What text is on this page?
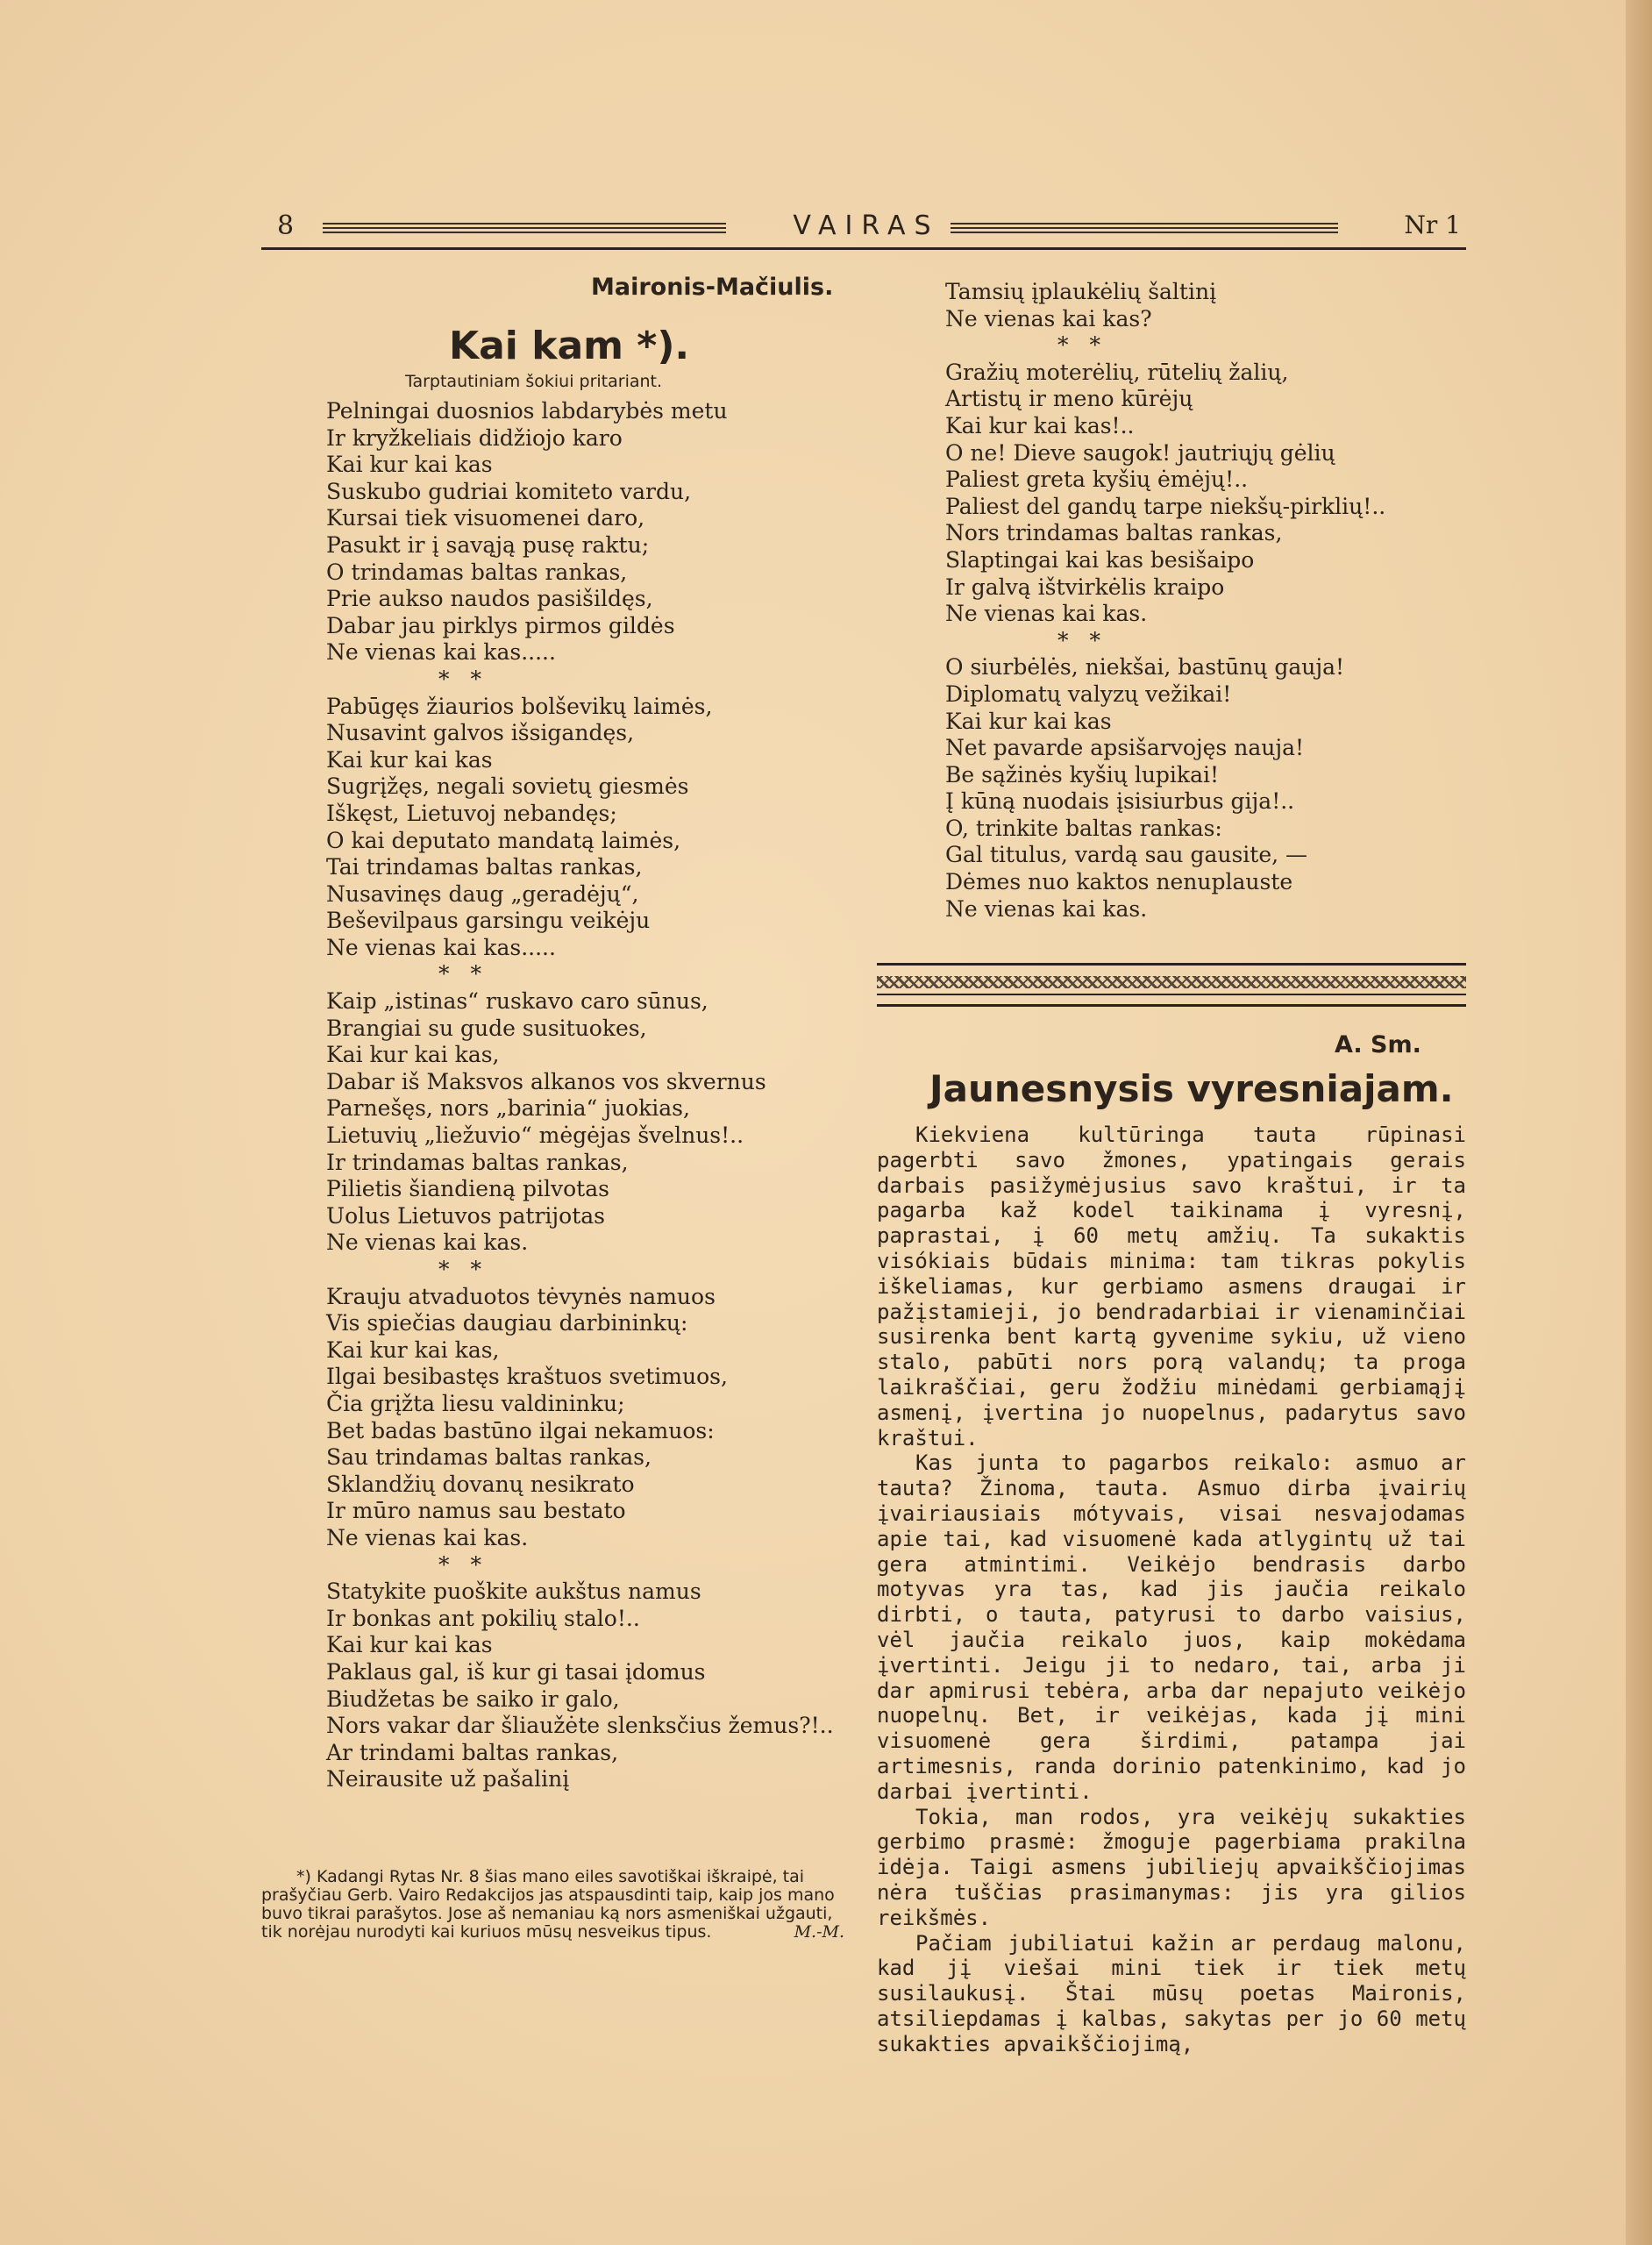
8	VAIRAS	Nr 1
Maironis-Mačiulis.
Kai kam *).
Tarptautiniam šokiui pritariant.
Pelningai duosnios labdarybės metu
Ir kryžkeliais didžiojo karo
Kai kur kai kas
Suskubo gudriai komiteto vardu,
Kursai tiek visuomenei daro,
Pasukt ir į savąją pusę raktu;
O trindamas baltas rankas,
Prie aukso naudos pasišildęs,
Dabar jau pirklys pirmos gildės
Ne vienas kai kas.....
* *
Pabūgęs žiaurios bolševikų laimės,
Nusavint galvos išsigandęs,
Kai kur kai kas
Sugrįžęs, negali sovietų giesmės
Iškęst, Lietuvoj nebandęs;
O kai deputato mandatą laimės,
Tai trindamas baltas rankas,
Nusavinęs daug „geradėjų“,
Beševilpaus garsingu veikėju
Ne vienas kai kas.....
* *
Kaip „istinas“ ruskavo caro sūnus,
Brangiai su gude susituokes,
Kai kur kai kas,
Dabar iš Maksvos alkanos vos skvernus
Parnešęs, nors „barinia“ juokias,
Lietuvių „liežuvio“ mėgėjas švelnus!..
Ir trindamas baltas rankas,
Pilietis šiandieną pilvotas
Uolus Lietuvos patrijotas
Ne vienas kai kas.
* *
Krauju atvaduotos tėvynės namuos
Vis spiečias daugiau darbininkų:
Kai kur kai kas,
Ilgai besibastęs kraštuos svetimuos,
Čia grįžta liesu valdininku;
Bet badas bastūno ilgai nekamuos:
Sau trindamas baltas rankas,
Sklandžių dovanų nesikrato
Ir mūro namus sau bestato
Ne vienas kai kas.
* *
Statykite puoškite aukštus namus
Ir bonkas ant pokilių stalo!..
Kai kur kai kas
Paklaus gal, iš kur gi tasai įdomus
Biudžetas be saiko ir galo,
Nors vakar dar šliaužėte slenksčius žemus?!..
Ar trindami baltas rankas,
Neirausite už pašalinį
*) Kadangi Rytas Nr. 8 šias mano eiles savotiškai iškraipė, tai prašyčiau Gerb. Vairo Redakcijos jas atspausdinti taip, kaip jos mano buvo tikrai parašytos. Jose aš nemaniau ką nors asmeniškai užgauti, tik norėjau nurodyti kai kuriuos mūsų nesveikus tipus.	M.-M.
Tamsių įplaukėlių šaltinį
Ne vienas kai kas?
* *
Gražių moterėlių, rūtelių žalių,
Artistų ir meno kūrėjų
Kai kur kai kas!..
O ne! Dieve saugok! jautriųjų gėlių
Paliest greta kyšių ėmėjų!..
Paliest del gandų tarpe niekšų-pirklių!..
Nors trindamas baltas rankas,
Slaptingai kai kas besišaipo
Ir galvą ištvirkėlis kraipo
Ne vienas kai kas.
* *
O siurbėlės, niekšai, bastūnų gauja!
Diplomatų valyzų vežikai!
Kai kur kai kas
Net pavarde apsišarvojęs nauja!
Be sąžinės kyšių lupikai!
Į kūną nuodais įsisiurbus gija!..
O, trinkite baltas rankas:
Gal titulus, vardą sau gausite, —
Dėmes nuo kaktos nenuplauste
Ne vienas kai kas.
A. Sm.
Jaunesnysis vyresniajam.

Kiekviena kultūringa tauta rūpinasi pagerbti savo žmones, ypatingais gerais darbais pasižymėjusius savo kraštui, ir ta pagarba kaž kodel taikinama į vyresnį, paprastai, į 60 metų amžių. Ta sukaktis visókiais būdais minima: tam tikras pokylis iškeliamas, kur gerbiamo asmens draugai ir pažįstamieji, jo bendradarbiai ir vienaminčiai susirenka bent kartą gyvenime sykiu, už vieno stalo, pabūti nors porą valandų; ta proga laikraščiai, geru žodžiu minėdami gerbiamąjį asmenį, įvertina jo nuopelnus, padarytus savo kraštui.

Kas junta to pagarbos reikalo: asmuo ar tauta? Žinoma, tauta. Asmuo dirba įvairių įvairiausiais mótyvais, visai nesvajodamas apie tai, kad visuomenė kada atlygintų už tai gera atmintimi. Veikėjo bendrasis darbo motyvas yra tas, kad jis jaučia reikalo dirbti, o tauta, patyrusi to darbo vaisius, vėl jaučia reikalo juos, kaip mokėdama įvertinti. Jeigu ji to nedaro, tai, arba ji dar apmirusi tebėra, arba dar nepajuto veikėjo nuopelnų. Bet, ir veikėjas, kada jį mini visuomenė gera širdimi, patampa jai artimesnis, randa dorinio patenkinimo, kad jo darbai įvertinti.

Tokia, man rodos, yra veikėjų sukakties gerbimo prasmė: žmoguje pagerbiama prakilna idėja. Taigi asmens jubiliejų apvaikščiojimas nėra tuščias prasimanymas: jis yra gilios reikšmės.

Pačiam jubiliatui kažin ar perdaug malonu, kad jį viešai mini tiek ir tiek metų susilaukusį. Štai mūsų poetas Maironis, atsiliepdamas į kalbas, sakytas per jo 60 metų sukakties apvaikščiojimą,
